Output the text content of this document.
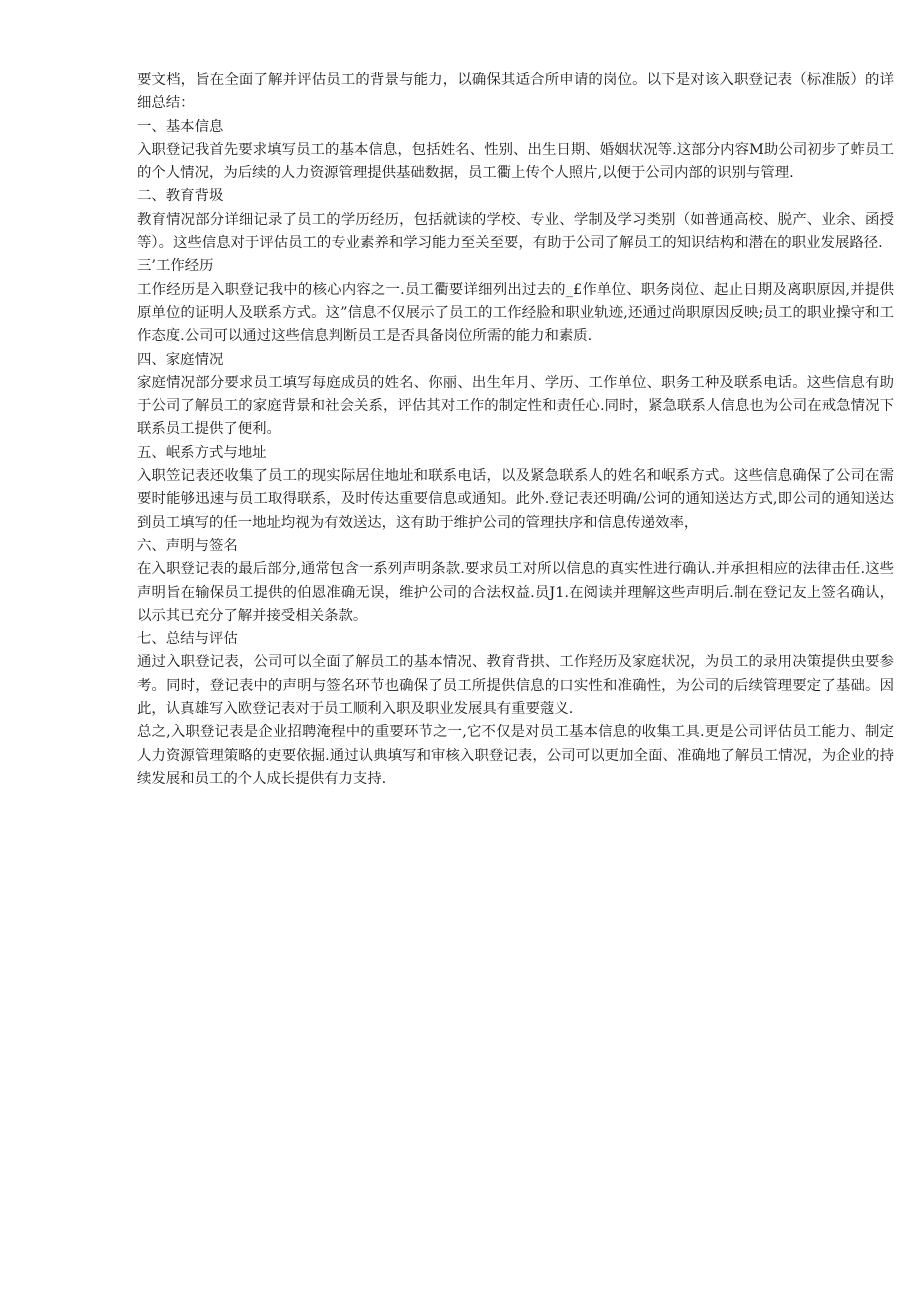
要文档，旨在全面了解并评估员工的背景与能力，以确保其适合所申请的岗位。以下是对该入职登记表（标准版）的详细总结：

一、基本信息

入职登记我首先要求填写员工的基本信息，包括姓名、性别、出生日期、婚姻状况等.这部分内容M助公司初步了蚱员工的个人情况，为后续的人力资源管理提供基础数据，员工衢上传个人照片,以便于公司内部的识别与管理.

二、教育背圾

教育情况部分详细记录了员工的学历经历，包括就读的学校、专业、学制及学习类别（如普通高校、脱产、业余、函授等）。这些信息对于评估员工的专业素养和学习能力至关至要，有助于公司了解员工的知识结构和潜在的职业发展路径.

三’工作经历

工作经历是入职登记我中的核心内容之一.员工衢要详细列出过去的_£作单位、职务岗位、起止日期及离职原因,并提供原单位的证明人及联系方式。这”信息不仅展示了员工的工作经脸和职业轨迹,还通过尚职原因反映;员工的职业操守和工作态度.公司可以通过这些信息判断员工是否具备岗位所需的能力和素质.

四、家庭情况

家庭情况部分要求员工填写每庭成员的姓名、你丽、出生年月、学历、工作单位、职务工种及联系电话。这些信息有助于公司了解员工的家庭背景和社会关系，评估其对工作的制定性和责任心.同时，紧急联系人信息也为公司在戒急情况下联系员工提供了便利。

五、岷系方式与地址

入职笠记表还收集了员工的现实际居住地址和联系电话，以及紧急联系人的姓名和岷系方式。这些信息确保了公司在需要时能够迅速与员工取得联系，及时传达重要信息或通知。此外.登记表还明确/公诃的通知送达方式,即公司的通知送达到员工填写的任一地址均视为有效送达，这有助于维护公司的管理扶序和信息传递效率，

六、声明与签名

在入职登记表的最后部分,通常包含一系列声明条款.要求员工对所以信息的真实性进行确认.并承担相应的法律击任.这些声明旨在输保员工提供的伯恩准确无误，维护公司的合法权益.员J1.在阅读并理解这些声明后.制在登记友上签名确认，以示其已充分了解并接受相关条款。

七、总结与评估

通过入职登记表，公司可以全面了解员工的基本情况、教育背拱、工作羟历及家庭状况，为员工的录用决策提供虫要参考。同时，登记表中的声明与签名环节也确保了员工所提供信息的口实性和准确性，为公司的后续管理要定了基础。因此，认真雄写入欧登记表对于员工顺利入职及职业发展具有重要蔻义.

总之,入职登记表是企业招聘淹程中的重要环节之一,它不仅是对员工基本信息的收集工具.更是公司评估员工能力、制定人力资源管理策略的吏要依掘.通过认典填写和审核入职登记表，公司可以更加全面、准确地了解员工情况，为企业的持续发展和员工的个人成长提供有力支持.
